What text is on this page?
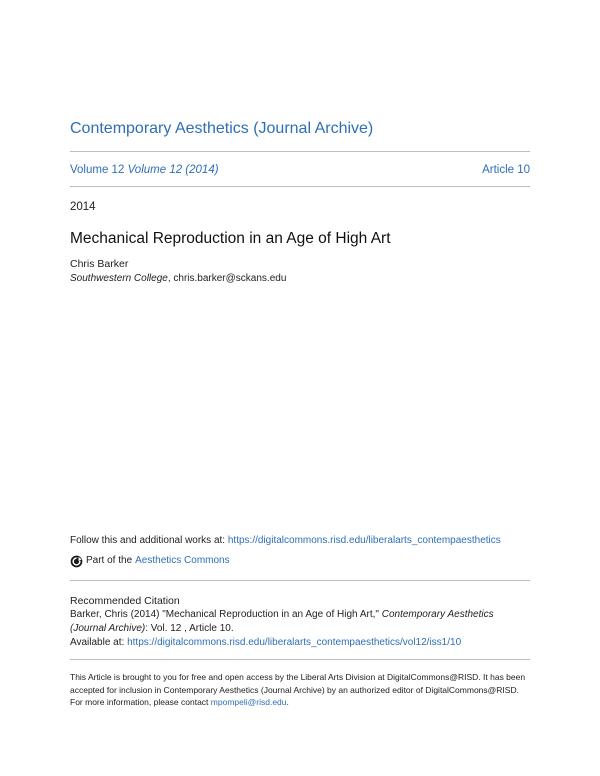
Contemporary Aesthetics (Journal Archive)
Volume 12 Volume 12 (2014)	Article 10
2014
Mechanical Reproduction in an Age of High Art
Chris Barker
Southwestern College, chris.barker@sckans.edu
Follow this and additional works at: https://digitalcommons.risd.edu/liberalarts_contempaesthetics
Part of the Aesthetics Commons
Recommended Citation
Barker, Chris (2014) "Mechanical Reproduction in an Age of High Art," Contemporary Aesthetics (Journal Archive): Vol. 12 , Article 10.
Available at: https://digitalcommons.risd.edu/liberalarts_contempaesthetics/vol12/iss1/10
This Article is brought to you for free and open access by the Liberal Arts Division at DigitalCommons@RISD. It has been accepted for inclusion in Contemporary Aesthetics (Journal Archive) by an authorized editor of DigitalCommons@RISD. For more information, please contact mpompeli@risd.edu.
